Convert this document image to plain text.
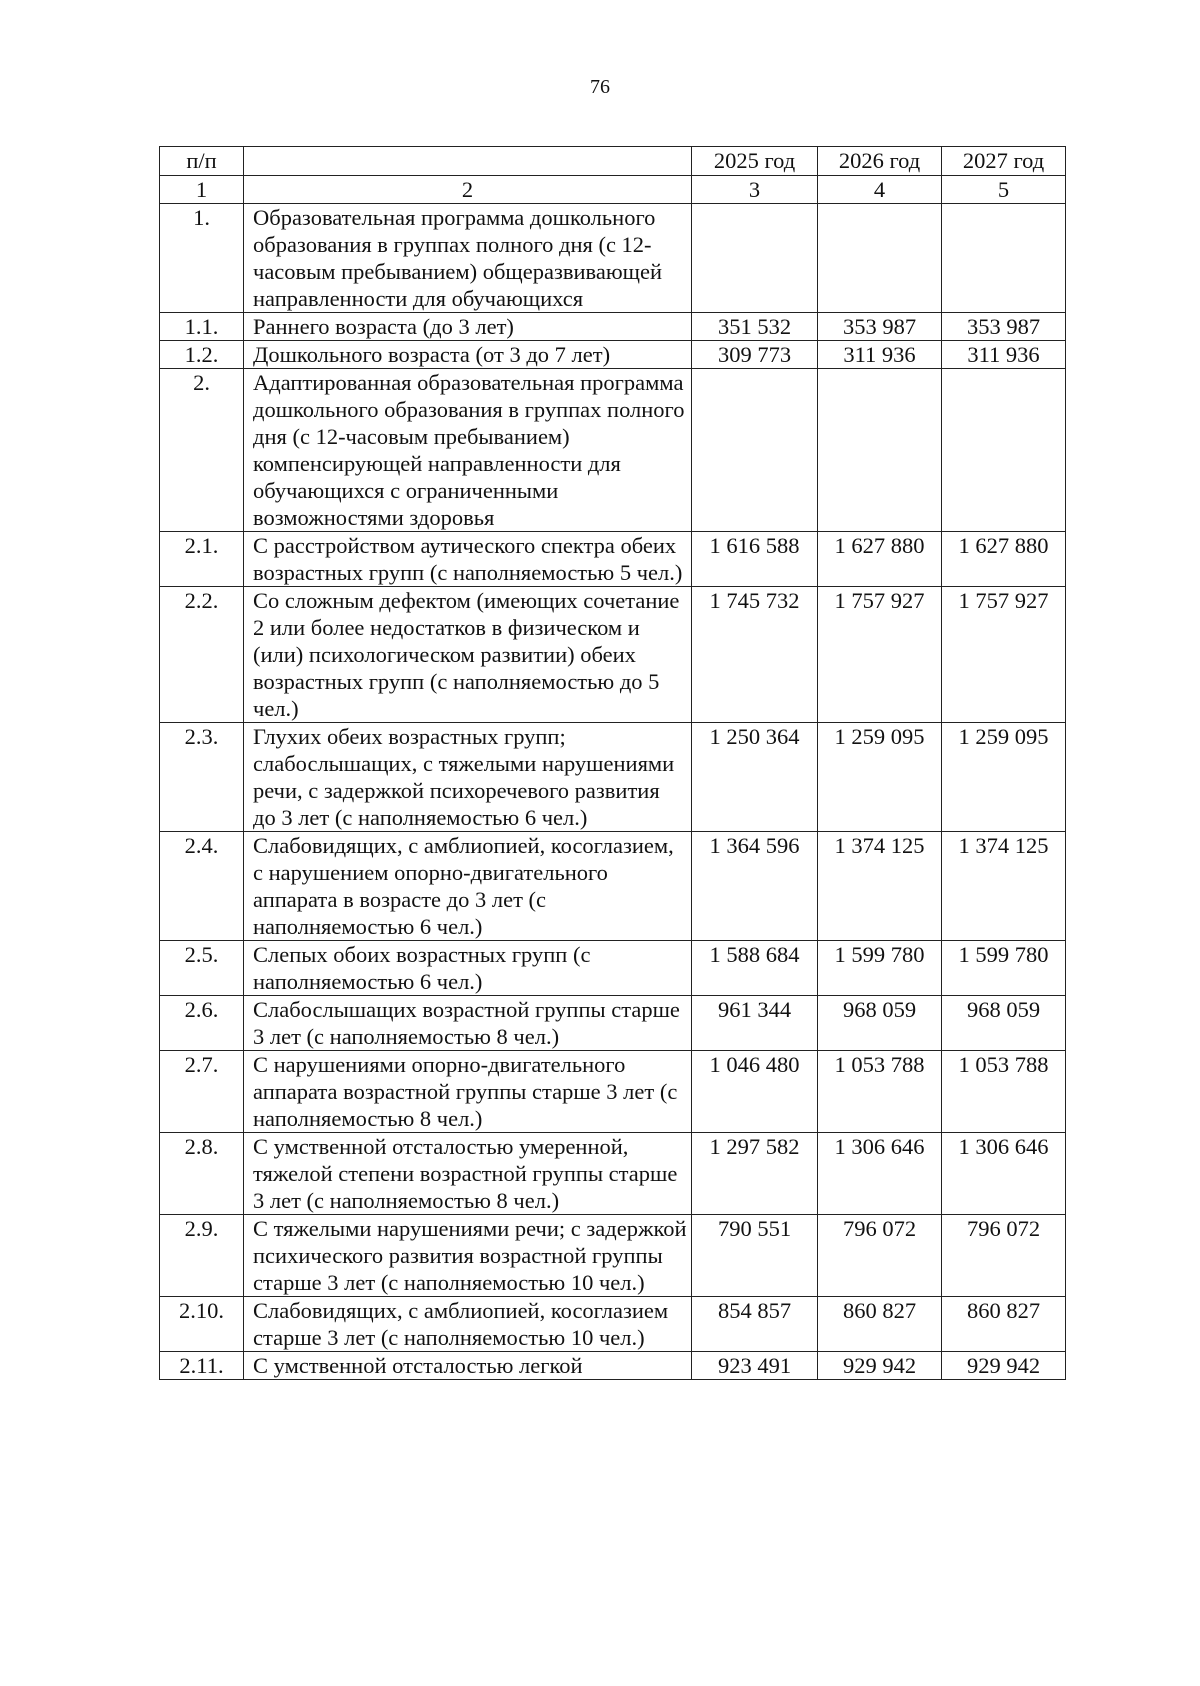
76
п/п		2025 год	2026 год	2027 год
1	2	3	4	5
1.	Образовательная программа дошкольного образования в группах полного дня (с 12-часовым пребыванием) общеразвивающей направленности для обучающихся			
1.1.	Раннего возраста (до 3 лет)	351 532	353 987	353 987
1.2.	Дошкольного возраста (от 3 до 7 лет)	309 773	311 936	311 936
2.	Адаптированная образовательная программа дошкольного образования в группах полного дня (с 12-часовым пребыванием) компенсирующей направленности для обучающихся с ограниченными возможностями здоровья			
2.1.	С расстройством аутического спектра обеих возрастных групп (с наполняемостью 5 чел.)	1 616 588	1 627 880	1 627 880
2.2.	Со сложным дефектом (имеющих сочетание 2 или более недостатков в физическом и (или) психологическом развитии) обеих возрастных групп (с наполняемостью до 5 чел.)	1 745 732	1 757 927	1 757 927
2.3.	Глухих обеих возрастных групп; слабослышащих, с тяжелыми нарушениями речи, с задержкой психоречевого развития до 3 лет (с наполняемостью 6 чел.)	1 250 364	1 259 095	1 259 095
2.4.	Слабовидящих, с амблиопией, косоглазием, с нарушением опорно-двигательного аппарата в возрасте до 3 лет (с наполняемостью 6 чел.)	1 364 596	1 374 125	1 374 125
2.5.	Слепых обоих возрастных групп (с наполняемостью 6 чел.)	1 588 684	1 599 780	1 599 780
2.6.	Слабослышащих возрастной группы старше 3 лет (с наполняемостью 8 чел.)	961 344	968 059	968 059
2.7.	С нарушениями опорно-двигательного аппарата возрастной группы старше 3 лет (с наполняемостью 8 чел.)	1 046 480	1 053 788	1 053 788
2.8.	С умственной отсталостью умеренной, тяжелой степени возрастной группы старше 3 лет (с наполняемостью 8 чел.)	1 297 582	1 306 646	1 306 646
2.9.	С тяжелыми нарушениями речи; с задержкой психического развития возрастной группы старше 3 лет (с наполняемостью 10 чел.)	790 551	796 072	796 072
2.10.	Слабовидящих, с амблиопией, косоглазием старше 3 лет (с наполняемостью 10 чел.)	854 857	860 827	860 827
2.11.	С умственной отсталостью легкой	923 491	929 942	929 942
